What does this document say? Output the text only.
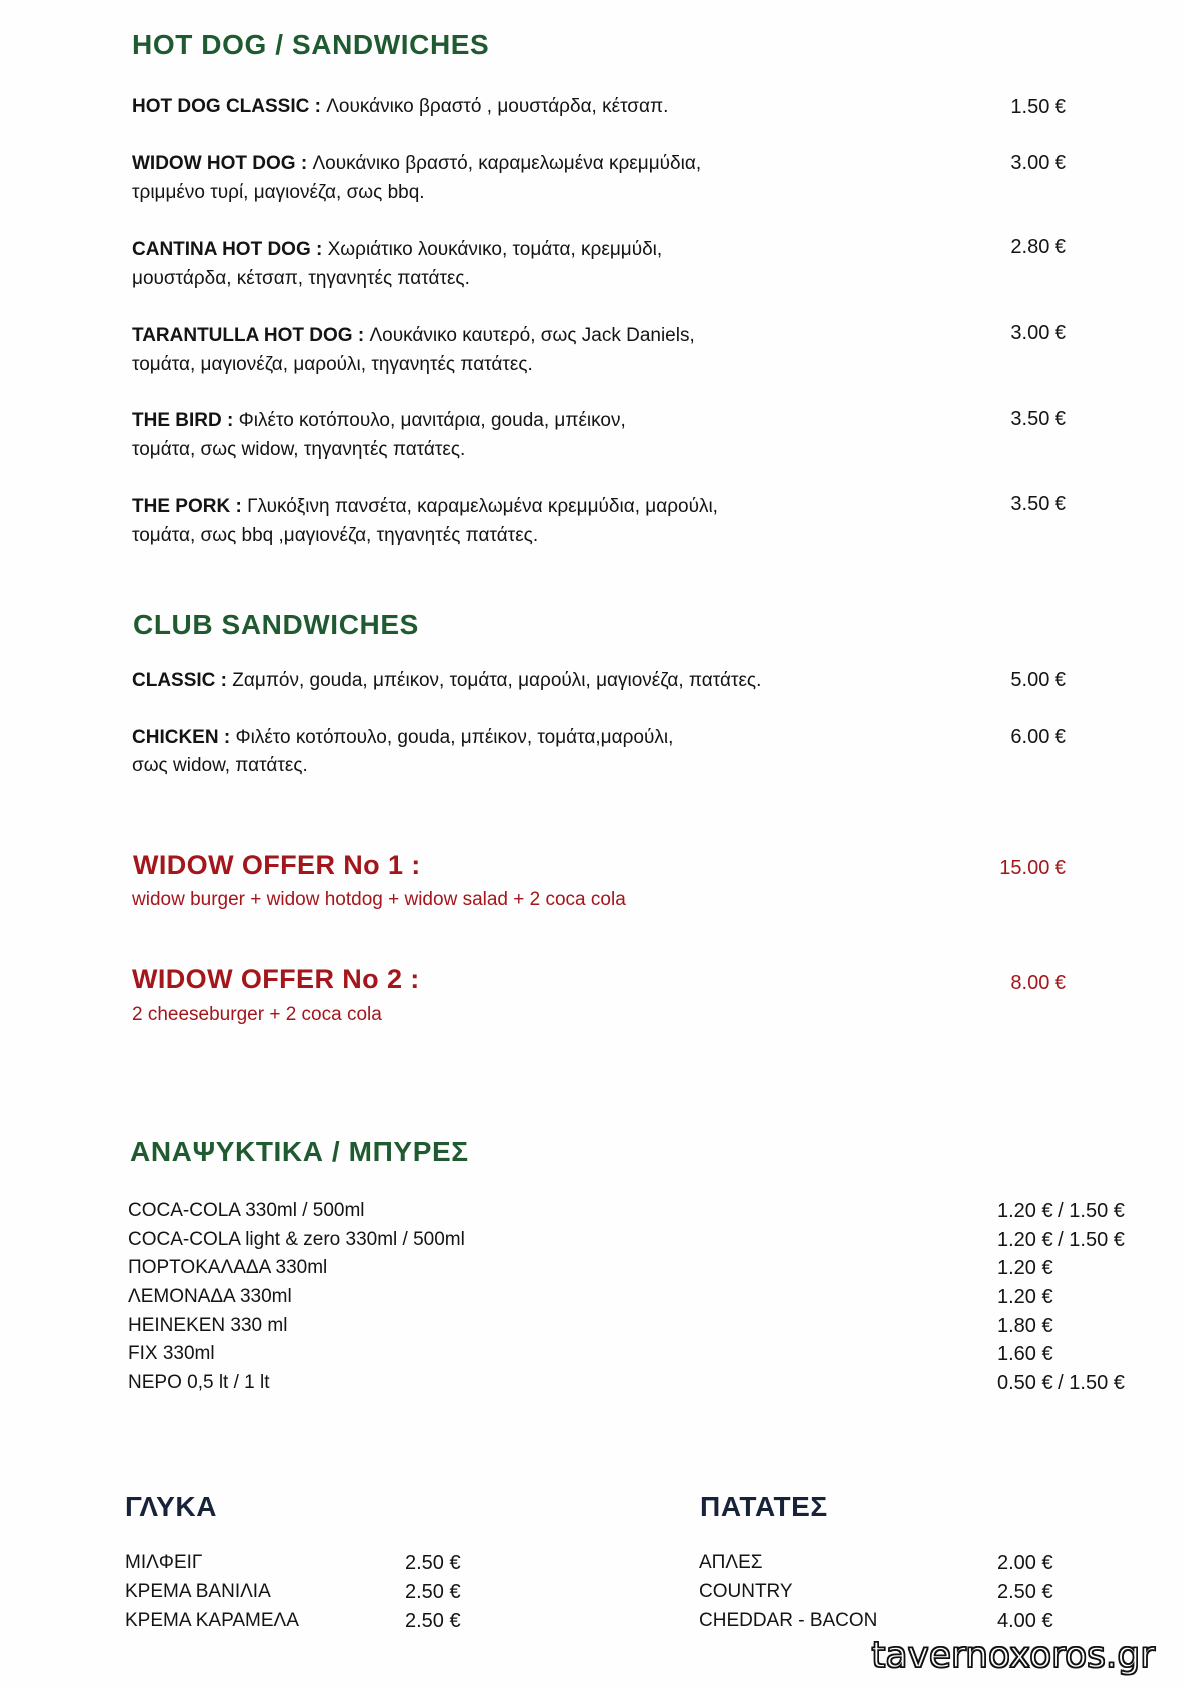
HOT DOG / SANDWICHES
HOT DOG CLASSIC : Λουκάνικο βραστό , μουστάρδα, κέτσαπ.	1.50 €
WIDOW HOT DOG : Λουκάνικο βραστό, καραμελωμένα κρεμμύδια,
τριμμένο τυρί, μαγιονέζα, σως bbq.
3.00 €
CANTINA HOT DOG : Χωριάτικο λουκάνικο, τομάτα, κρεμμύδι,
μουστάρδα, κέτσαπ, τηγανητές πατάτες.
2.80 €
TARANTULLA HOT DOG : Λουκάνικο καυτερό, σως Jack Daniels,
τομάτα, μαγιονέζα, μαρούλι, τηγανητές πατάτες.
3.00 €
THE BIRD : Φιλέτο κοτόπουλο, μανιτάρια, gouda, μπέικον,
τομάτα, σως widow, τηγανητές πατάτες.
3.50 €
THE PORK : Γλυκόξινη πανσέτα, καραμελωμένα κρεμμύδια, μαρούλι,
τομάτα, σως bbq ,μαγιονέζα, τηγανητές πατάτες.
3.50 €
CLUB SANDWICHES
CLASSIC : Ζαμπόν, gouda, μπέικον, τομάτα, μαρούλι, μαγιονέζα, πατάτες.	5.00 €
CHICKEN : Φιλέτο κοτόπουλο, gouda, μπέικον, τομάτα,μαρούλι,
σως widow, πατάτες.
6.00 €
WIDOW OFFER No 1 :	15.00 €
widow burger + widow hotdog + widow salad + 2 coca cola
WIDOW OFFER No 2 :	8.00 €
2 cheeseburger + 2 coca cola
ΑΝΑΨΥΚΤΙΚΑ / ΜΠΥΡΕΣ
COCA-COLA 330ml / 500ml	1.20 € / 1.50 €
COCA-COLA light & zero 330ml / 500ml	1.20 € / 1.50 €
ΠΟΡΤΟΚΑΛΑΔΑ 330ml	1.20 €
ΛΕΜΟΝΑΔΑ 330ml	1.20 €
HEINEKEN 330 ml	1.80 €
FIX 330ml	1.60 €
ΝΕΡΟ 0,5 lt / 1 lt	0.50 € / 1.50 €
ΓΛΥΚΑ
ΜΙΛΦΕΙΓ	2.50 €
ΚΡΕΜΑ ΒΑΝΙΛΙΑ	2.50 €
ΚΡΕΜΑ ΚΑΡΑΜΕΛΑ	2.50 €
ΠΑΤΑΤΕΣ
ΑΠΛΕΣ	2.00 €
COUNTRY	2.50 €
CHEDDAR - BACON	4.00 €
tavernoxoros.gr
